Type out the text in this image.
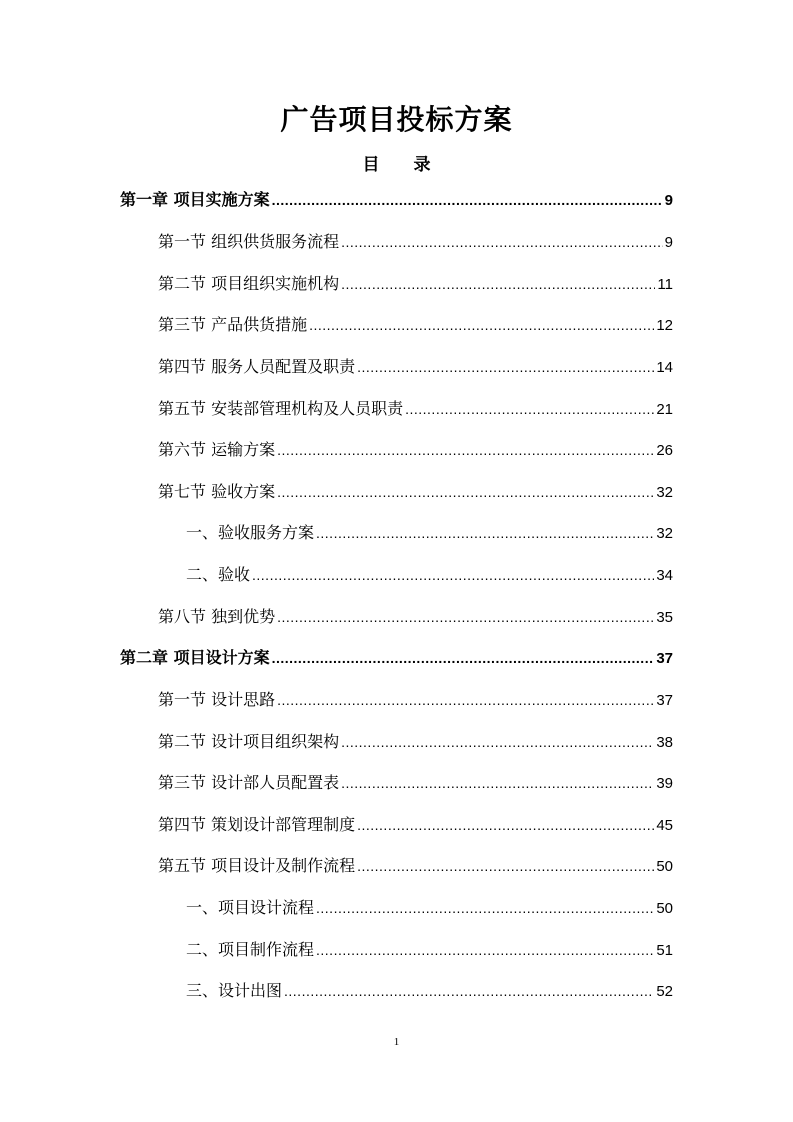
广告项目投标方案
目 录
第一章 项目实施方案 .....	9
第一节 组织供货服务流程 .....	9
第二节 项目组织实施机构 .....	11
第三节 产品供货措施 .....	12
第四节 服务人员配置及职责 .....	14
第五节 安装部管理机构及人员职责 .....	21
第六节 运输方案 .....	26
第七节 验收方案 .....	32
一、验收服务方案 .....	32
二、验收 .....	34
第八节 独到优势 .....	35
第二章 项目设计方案 .....	37
第一节 设计思路 .....	37
第二节 设计项目组织架构 .....	38
第三节 设计部人员配置表 .....	39
第四节 策划设计部管理制度 .....	45
第五节 项目设计及制作流程 .....	50
一、项目设计流程 .....	50
二、项目制作流程 .....	51
三、设计出图 .....	52
1
